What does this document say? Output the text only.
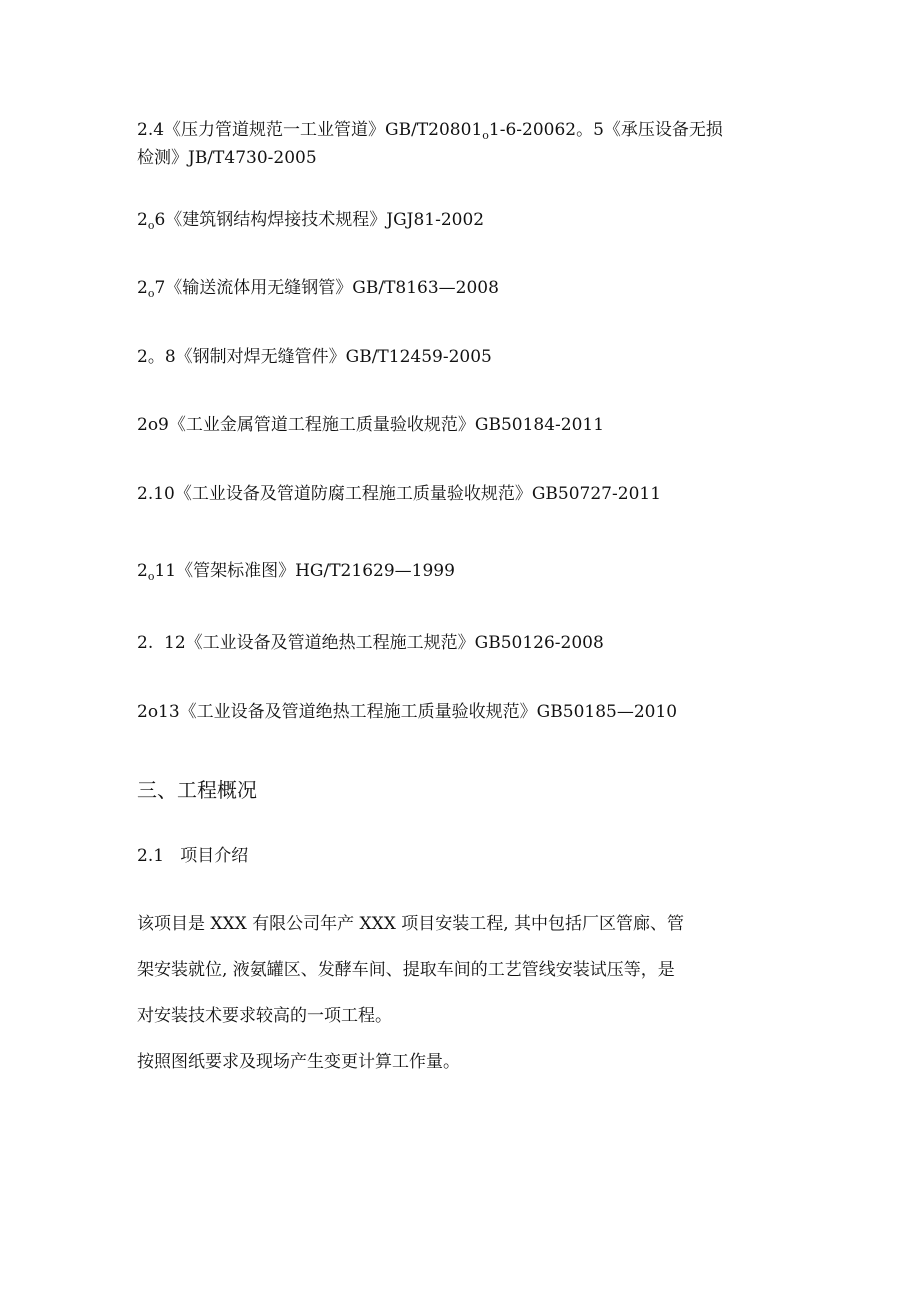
2.4《压力管道规范一工业管道》$GB/T20801_o1-6-20062$。5《承压设备无损
检测》JB/T4730-2005
$2_o6$《建筑钢结构焊接技术规程》JGJ81-2002
$2_o7$《输送流体用无缝钢管》GB/T8163—2008
2。8《钢制对焊无缝管件》GB/T12459-2005
2o9《工业金属管道工程施工质量验收规范》GB50184-2011
2.10《工业设备及管道防腐工程施工质量验收规范》GB50727-2011
$2_o11$《管架标准图》HG/T21629—1999
2.  12《工业设备及管道绝热工程施工规范》GB50126-2008
2o13《工业设备及管道绝热工程施工质量验收规范》GB50185—2010
三、工程概况
2.1   项目介绍
该项目是 XXX 有限公司年产 XXX 项目安装工程, 其中包括厂区管廊、管
架安装就位, 液氨罐区、发酵车间、提取车间的工艺管线安装试压等，是
对安装技术要求较高的一项工程。
按照图纸要求及现场产生变更计算工作量。
